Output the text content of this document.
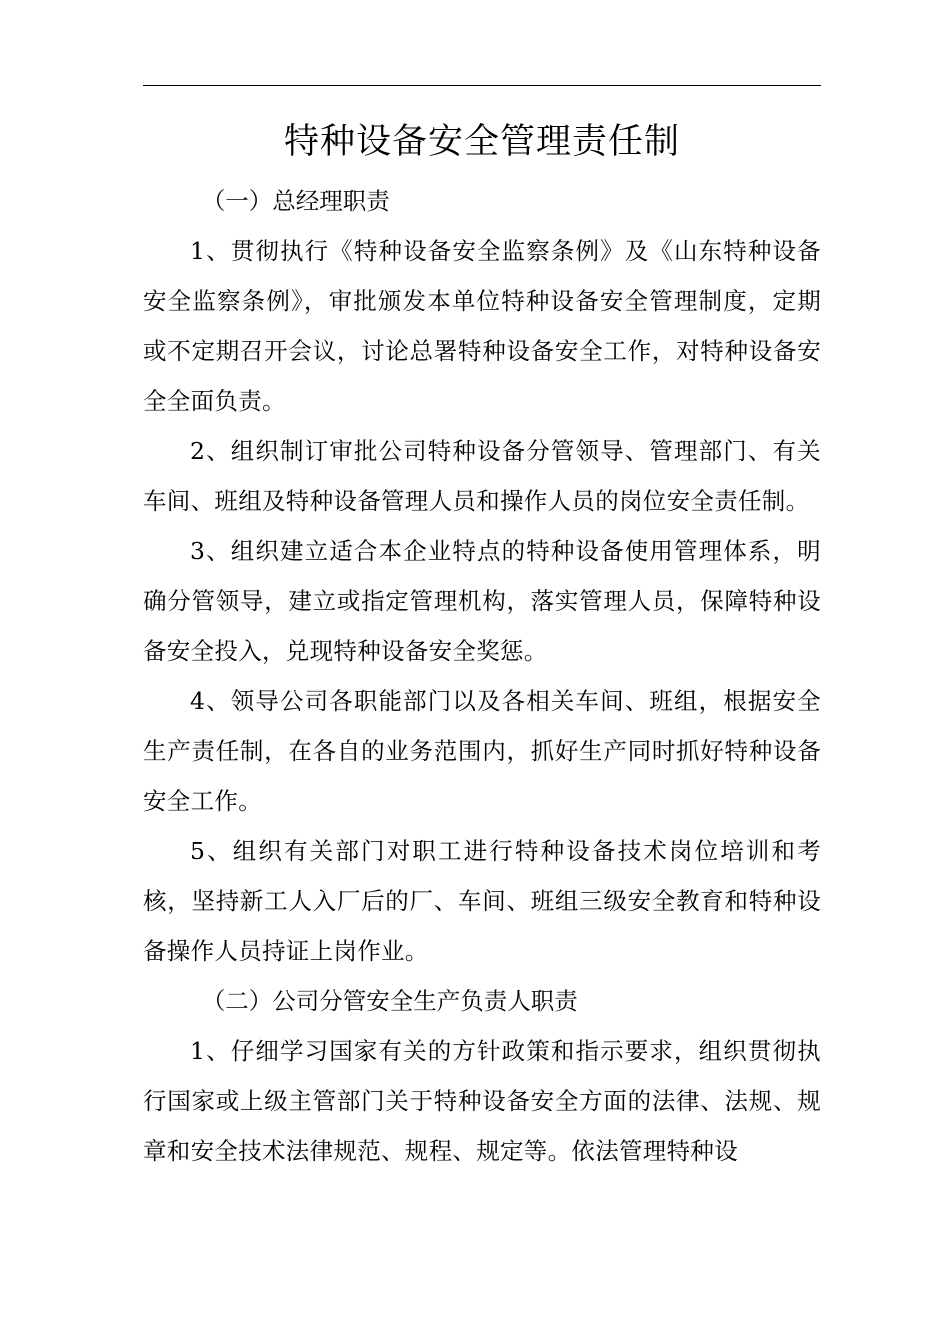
特种设备安全管理责任制

（一）总经理职责

1、贯彻执行《特种设备安全监察条例》及《山东特种设备安全监察条例》，审批颁发本单位特种设备安全管理制度，定期或不定期召开会议，讨论总署特种设备安全工作，对特种设备安全全面负责。

2、组织制订审批公司特种设备分管领导、管理部门、有关车间、班组及特种设备管理人员和操作人员的岗位安全责任制。

3、组织建立适合本企业特点的特种设备使用管理体系，明确分管领导，建立或指定管理机构，落实管理人员，保障特种设备安全投入，兑现特种设备安全奖惩。

4、领导公司各职能部门以及各相关车间、班组，根据安全生产责任制，在各自的业务范围内，抓好生产同时抓好特种设备安全工作。

5、组织有关部门对职工进行特种设备技术岗位培训和考核，坚持新工人入厂后的厂、车间、班组三级安全教育和特种设备操作人员持证上岗作业。

（二）公司分管安全生产负责人职责

1、仔细学习国家有关的方针政策和指示要求，组织贯彻执行国家或上级主管部门关于特种设备安全方面的法律、法规、规章和安全技术法律规范、规程、规定等。依法管理特种设
